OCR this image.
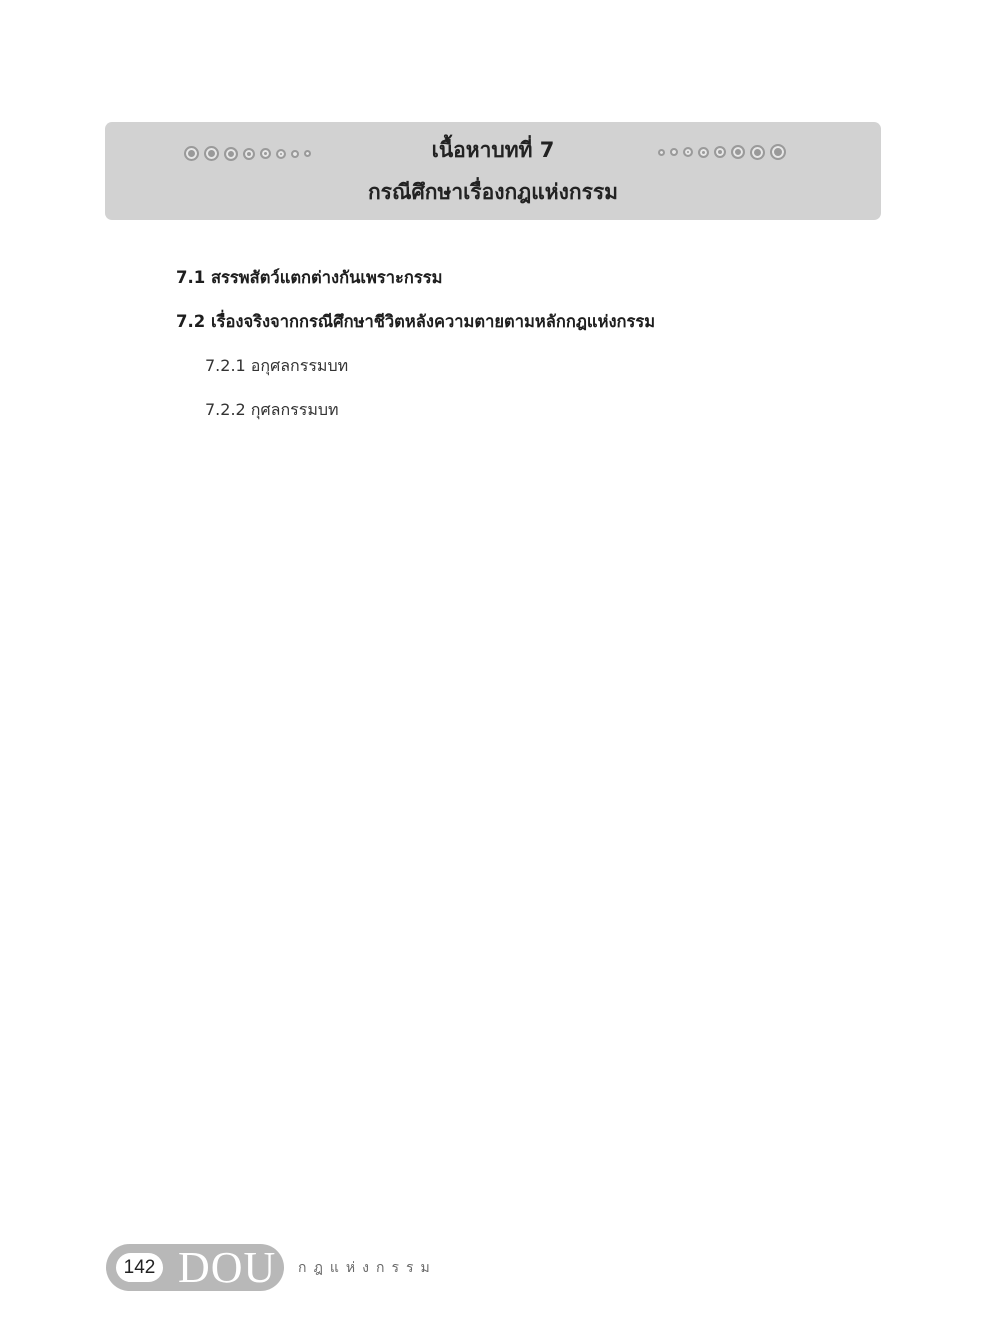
เนื้อหาบทที่ 7
กรณีศึกษาเรื่องกฎแห่งกรรม
7.1 สรรพสัตว์แตกต่างกันเพราะกรรม
7.2 เรื่องจริงจากกรณีศึกษาชีวิตหลังความตายตามหลักกฎแห่งกรรม
7.2.1 อกุศลกรรมบท
7.2.2 กุศลกรรมบท
142 DOU กฎแห่งกรรม
